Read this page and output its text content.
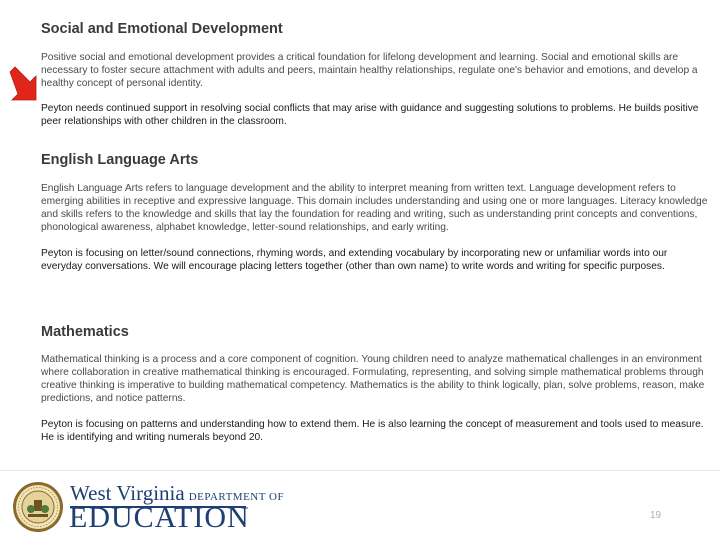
Social and Emotional Development

Positive social and emotional development provides a critical foundation for lifelong development and learning. Social and emotional skills are necessary to foster secure attachment with adults and peers, maintain healthy relationships, regulate one's behavior and emotions, and develop a healthy concept of personal identity.

Peyton needs continued support in resolving social conflicts that may arise with guidance and suggesting solutions to problems. He builds positive peer relationships with other children in the classroom.

English Language Arts

English Language Arts refers to language development and the ability to interpret meaning from written text. Language development refers to emerging abilities in receptive and expressive language. This domain includes understanding and using one or more languages. Literacy knowledge and skills refers to the knowledge and skills that lay the foundation for reading and writing, such as understanding print concepts and conventions, phonological awareness, alphabet knowledge, letter-sound relationships, and early writing.

Peyton is focusing on letter/sound connections, rhyming words, and extending vocabulary by incorporating new or unfamiliar words into our everyday conversations. We will encourage placing letters together (other than own name) to write words and writing for specific purposes.

Mathematics

Mathematical thinking is a process and a core component of cognition. Young children need to analyze mathematical challenges in an environment where collaboration in creative mathematical thinking is encouraged. Formulating, representing, and solving simple mathematical problems through creative thinking is imperative to building mathematical competency. Mathematics is the ability to think logically, plan, solve problems, reason, make predictions, and notice patterns.

Peyton is focusing on patterns and understanding how to extend them. He is also learning the concept of measurement and tools used to measure. He is identifying and writing numerals beyond 20.

West Virginia DEPARTMENT OF
EDUCATION	19
